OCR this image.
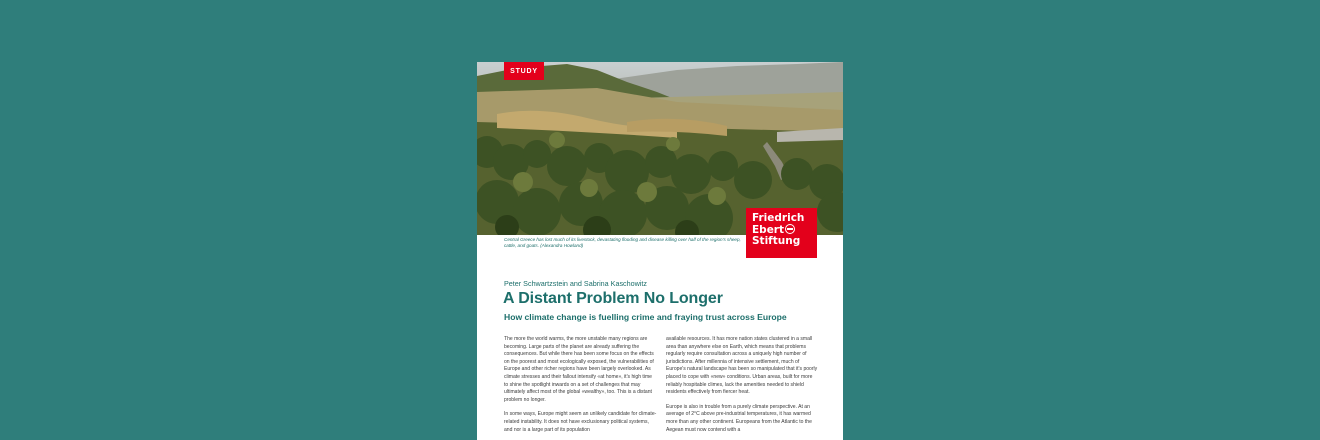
STUDY
Central Greece has lost much of its livestock, devastating flooding and disease killing over half of the region's sheep, cattle, and goats. (Alexandra Howland)
Friedrich
Ebert
Stiftung
Peter Schwartzstein and Sabrina Kaschowitz
A Distant Problem No Longer
How climate change is fuelling crime and fraying trust across Europe

The more the world warms, the more unstable many regions are becoming. Large parts of the planet are already suffering the consequences. But while there has been some focus on the effects on the poorest and most ecologically exposed, the vulnerabilities of Europe and other richer regions have been largely overlooked. As climate stresses and their fallout intensify «at home», it's high time to shine the spotlight inwards on a set of challenges that may ultimately affect most of the global «wealthy», too. This is a distant problem no longer.

In some ways, Europe might seem an unlikely candidate for climate-related instability. It does not have exclusionary political systems, and nor is a large part of its population

available resources. It has more nation states clustered in a small area than anywhere else on Earth, which means that problems regularly require consultation across a uniquely high number of jurisdictions. After millennia of intensive settlement, much of Europe's natural landscape has been so manipulated that it's poorly placed to cope with «new» conditions. Urban areas, built for more reliably hospitable climes, lack the amenities needed to shield residents effectively from fiercer heat.

Europe is also in trouble from a purely climate perspective. At an average of 2°C above pre-industrial temperatures, it has warmed more than any other continent. Europeans from the Atlantic to the Aegean must now contend with a
